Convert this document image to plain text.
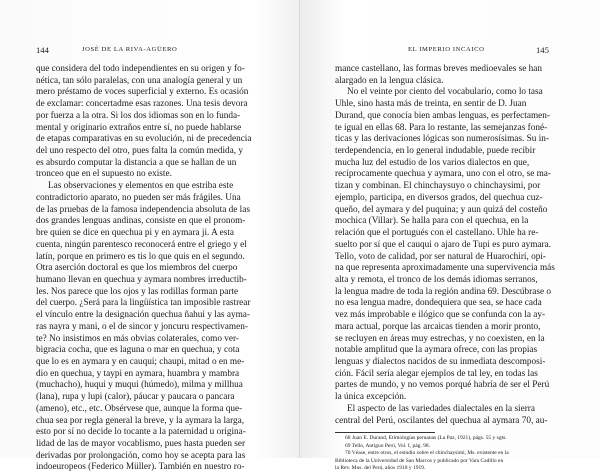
144	JOSÉ DE LA RIVA-AGÜERO
que considera del todo independientes en su origen y fo-
nética, tan sólo paralelas, con una analogía general y un
mero préstamo de voces superficial y externo. Es ocasión
de exclamar: concertadme esas razones. Una tesis devora
por fuerza a la otra. Si los dos idiomas son en lo funda-
mental y originario extraños entre sí, no puede hablarse
de etapas comparativas en su evolución, ni de precedencia
del uno respecto del otro, pues falta la común medida, y
es absurdo computar la distancia a que se hallan de un
tronceo que en el supuesto no existe.
Las observaciones y elementos en que estriba este
contradictorio aparato, no pueden ser más frágiles. Una
de las pruebas de la famosa independencia absoluta de las
dos grandes lenguas andinas, consiste en que el pronom-
bre quien se dice en quechua pi y en aymara ji. A esta
cuenta, ningún parentesco reconocerá entre el griego y el
latín, porque en primero es tis lo que quis en el segundo.
Otra aserción doctoral es que los miembros del cuerpo
humano llevan en quechua y aymara nombres irreductib-
les. Nos parece que los ojos y las rodillas forman parte
del cuerpo. ¿Será para la lingüística tan imposible rastrear
el vínculo entre la designación quechua ñahui y las ayma-
ras nayra y mani, o el de sincor y joncuru respectivamen-
te? No insistimos en más obvias colaterales, como ver-
bigracia cocha, que es laguna o mar en quechua, y cota
que lo es en aymara y en cauqui; chaupi, mitad o en me-
dio en quechua, y taypi en aymara, huambra y mambra
(muchacho), huqui y muqui (húmedo), milma y millhua
(lana), rupa y lupi (calor), páucar y paucara o pancara
(ameno), etc., etc. Obsérvese que, aunque la forma que-
chua sea por regla general la breve, y la aymara la larga,
esto por sí no decide lo tocante a la paternidad u origina-
lidad de las de mayor vocablismo, pues hasta pueden ser
derivadas por prolongación, como hoy se acepta para las
indoeuropeos (Federico Müller). También en nuestro ro-
EL IMPERIO INCAICO	145
mance castellano, las formas breves medioevales se han
alargado en la lengua clásica.
No el veinte por ciento del vocabulario, como lo tasa
Uhle, sino hasta más de treinta, en sentir de D. Juan
Durand, que conocía bien ambas lenguas, es perfectamen-
te igual en ellas 68. Para lo restante, las semejanzas foné-
ticas y las derivaciones lógicas son numerosísimas. Su in-
terdependencia, en lo general indudable, puede recibir
mucha luz del estudio de los varios dialectos en que,
recíprocamente quechua y aymara, uno con el otro, se ma-
tizan y combinan. El chinchaysuyo o chinchaysimi, por
ejemplo, participa, en diversos grados, del quechua cuz-
queño, del aymara y del puquina; y aun quizá del costeño
mochica (Villar). Se halla para con el quechua, en la
relación que el portugués con el castellano. Uhle ha re-
suelto por sí que el cauqui o ajaro de Tupi es puro aymara.
Tello, voto de calidad, por ser natural de Huarochirí, opi-
na que representa aproximadamente una supervivencia más
alta y remota, el tronco de los demás idiomas serranos,
la lengua madre de toda la región andina 69. Descúbrase o
no esa lengua madre, dondequiera que sea, se hace cada
vez más improbable e ilógico que se confunda con la ay-
mara actual, porque las arcaicas tienden a morir pronto,
se recluyen en áreas muy estrechas, y no coexisten, en la
notable amplitud que la aymara ofrece, con las propias
lenguas y dialectos nacidos de su inmediata descomposi-
ción. Fácil sería alegar ejemplos de tal ley, en todas las
partes de mundo, y no vemos porqué habría de ser el Perú
la única excepción.
El aspecto de las variedades dialectales en la sierra
central del Perú, oscilantes del quechua al aymara 70, au-
68 Juan E. Durand, Etimologías peruanas (La Paz, 1921), págs. 55 y sgts.
69 Tello, Antiguo Perú, Vol. I, pág. 98.
70 Véase, entre otros, el estudio sobre el chinchaysimi, Ms. existente en la
Biblioteca de la Universidad de San Marcos y publicado por Vara Cadillo en
la Rev. Mus. del Perú, años 1918 y 1919.
